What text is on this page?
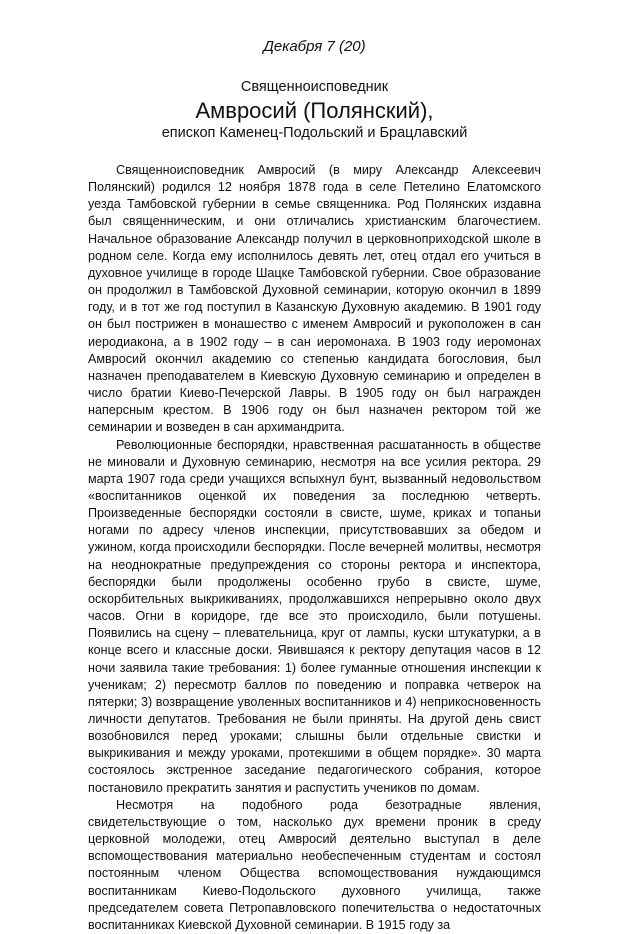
Декабря 7 (20)

Священноисповедник

Амвросий (Полянский),

епископ Каменец-Подольский и Брацлавский

Священноисповедник Амвросий (в миру Александр Алексеевич Полянский) родился 12 ноября 1878 года в селе Петелино Елатомского уезда Тамбовской губернии в семье священника. Род Полянских издавна был священническим, и они отличались христианским благочестием. Начальное образование Александр получил в церковноприходской школе в родном селе. Когда ему исполнилось девять лет, отец отдал его учиться в духовное училище в городе Шацке Тамбовской губернии. Свое образование он продолжил в Тамбовской Духовной семинарии, которую окончил в 1899 году, и в тот же год поступил в Казанскую Духовную академию. В 1901 году он был пострижен в монашество с именем Амвросий и рукоположен в сан иеродиакона, а в 1902 году – в сан иеромонаха. В 1903 году иеромонах Амвросий окончил академию со степенью кандидата богословия, был назначен преподавателем в Киевскую Духовную семинарию и определен в число братии Киево-Печерской Лавры. В 1905 году он был награжден наперсным крестом. В 1906 году он был назначен ректором той же семинарии и возведен в сан архимандрита.

Революционные беспорядки, нравственная расшатанность в обществе не миновали и Духовную семинарию, несмотря на все усилия ректора. 29 марта 1907 года среди учащихся вспыхнул бунт, вызванный недовольством «воспитанников оценкой их поведения за последнюю четверть. Произведенные беспорядки состояли в свисте, шуме, криках и топаньи ногами по адресу членов инспекции, присутствовавших за обедом и ужином, когда происходили беспорядки. После вечерней молитвы, несмотря на неоднократные предупреждения со стороны ректора и инспектора, беспорядки были продолжены особенно грубо в свисте, шуме, оскорбительных выкрикиваниях, продолжавшихся непрерывно около двух часов. Огни в коридоре, где все это происходило, были потушены. Появились на сцену – плевательница, круг от лампы, куски штукатурки, а в конце всего и классные доски. Явившаяся к ректору депутация часов в 12 ночи заявила такие требования: 1) более гуманные отношения инспекции к ученикам; 2) пересмотр баллов по поведению и поправка четверок на пятерки; 3) возвращение уволенных воспитанников и 4) неприкосновенность личности депутатов. Требования не были приняты. На другой день свист возобновился перед уроками; слышны были отдельные свистки и выкрикивания и между уроками, протекшими в общем порядке». 30 марта состоялось экстренное заседание педагогического собрания, которое постановило прекратить занятия и распустить учеников по домам.

Несмотря на подобного рода безотрадные явления, свидетельствующие о том, насколько дух времени проник в среду церковной молодежи, отец Амвросий деятельно выступал в деле вспомоществования материально необеспеченным студентам и состоял постоянным членом Общества вспомоществования нуждающимся воспитанникам Киево-Подольского духовного училища, также председателем совета Петропавловского попечительства о недостаточных воспитанниках Киевской Духовной семинарии. В 1915 году за
